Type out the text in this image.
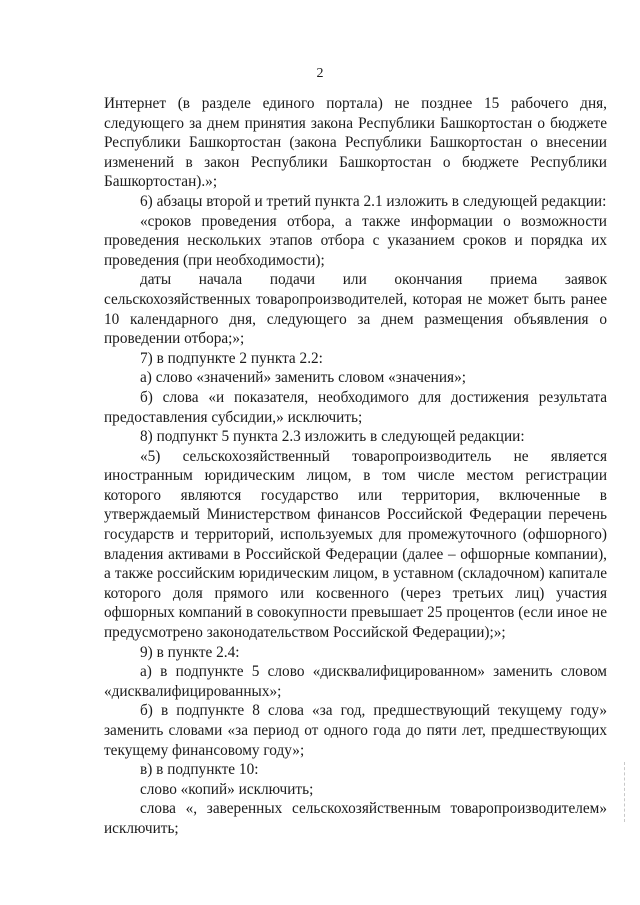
2

Интернет (в разделе единого портала) не позднее 15 рабочего дня, следующего за днем принятия закона Республики Башкортостан о бюджете Республики Башкортостан (закона Республики Башкортостан о внесении изменений в закон Республики Башкортостан о бюджете Республики Башкортостан).»;

6) абзацы второй и третий пункта 2.1 изложить в следующей редакции:

«сроков проведения отбора, а также информации о возможности проведения нескольких этапов отбора с указанием сроков и порядка их проведения (при необходимости);

даты начала подачи или окончания приема заявок сельскохозяйственных товаропроизводителей, которая не может быть ранее 10 календарного дня, следующего за днем размещения объявления о проведении отбора;»;

7) в подпункте 2 пункта 2.2:

а) слово «значений» заменить словом «значения»;

б) слова «и показателя, необходимого для достижения результата предоставления субсидии,» исключить;

8) подпункт 5 пункта 2.3 изложить в следующей редакции:

«5) сельскохозяйственный товаропроизводитель не является иностранным юридическим лицом, в том числе местом регистрации которого являются государство или территория, включенные в утверждаемый Министерством финансов Российской Федерации перечень государств и территорий, используемых для промежуточного (офшорного) владения активами в Российской Федерации (далее – офшорные компании), а также российским юридическим лицом, в уставном (складочном) капитале которого доля прямого или косвенного (через третьих лиц) участия офшорных компаний в совокупности превышает 25 процентов (если иное не предусмотрено законодательством Российской Федерации);»;

9) в пункте 2.4:

а) в подпункте 5 слово «дисквалифицированном» заменить словом «дисквалифицированных»;

б) в подпункте 8 слова «за год, предшествующий текущему году» заменить словами «за период от одного года до пяти лет, предшествующих текущему финансовому году»;

в) в подпункте 10:

слово «копий» исключить;

слова «, заверенных сельскохозяйственным товаропроизводителем» исключить;
